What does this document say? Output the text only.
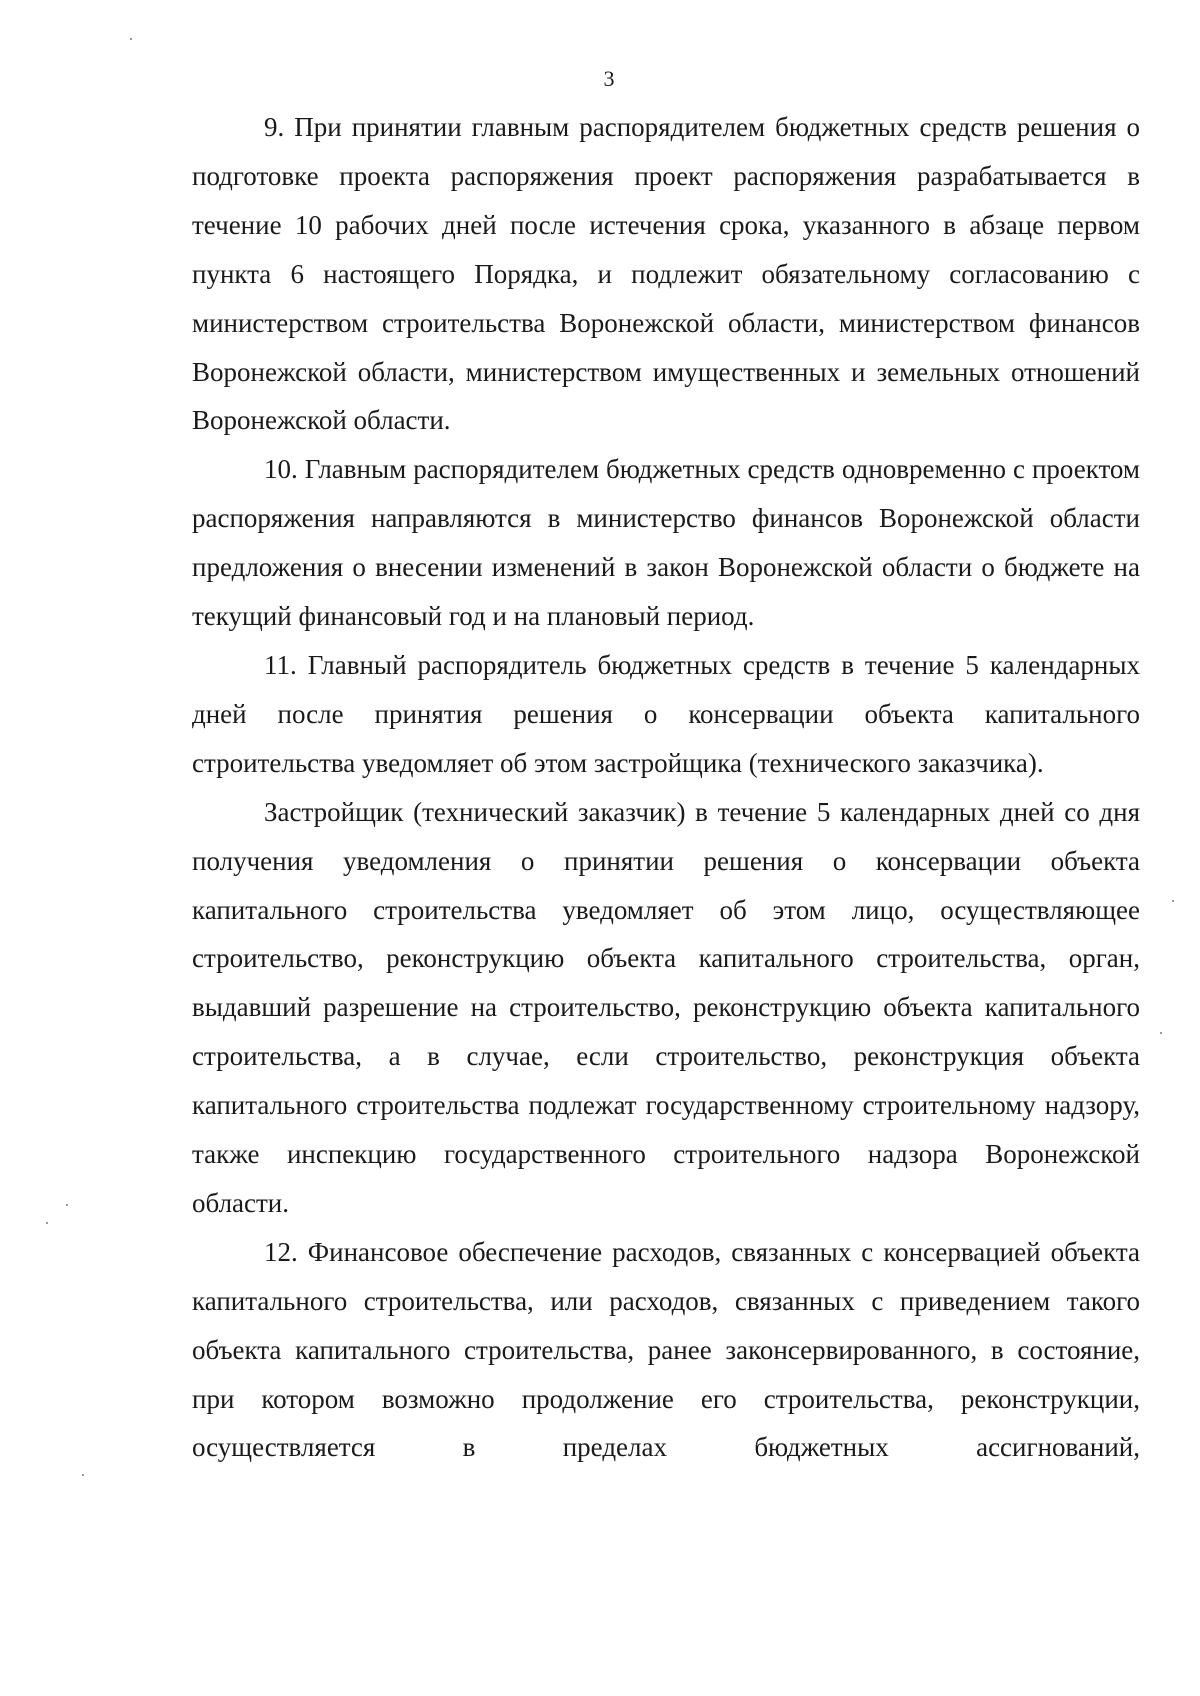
3

9. При принятии главным распорядителем бюджетных средств решения о подготовке проекта распоряжения проект распоряжения разрабатывается в течение 10 рабочих дней после истечения срока, указанного в абзаце первом пункта 6 настоящего Порядка, и подлежит обязательному согласованию с министерством строительства Воронежской области, министерством финансов Воронежской области, министерством имущественных и земельных отношений Воронежской области.

10. Главным распорядителем бюджетных средств одновременно с проектом распоряжения направляются в министерство финансов Воронежской области предложения о внесении изменений в закон Воронежской области о бюджете на текущий финансовый год и на плановый период.

11. Главный распорядитель бюджетных средств в течение 5 календарных дней после принятия решения о консервации объекта капитального строительства уведомляет об этом застройщика (технического заказчика).

Застройщик (технический заказчик) в течение 5 календарных дней со дня получения уведомления о принятии решения о консервации объекта капитального строительства уведомляет об этом лицо, осуществляющее строительство, реконструкцию объекта капитального строительства, орган, выдавший разрешение на строительство, реконструкцию объекта капитального строительства, а в случае, если строительство, реконструкция объекта капитального строительства подлежат государственному строительному надзору, также инспекцию государственного строительного надзора Воронежской области.

12. Финансовое обеспечение расходов, связанных с консервацией объекта капитального строительства, или расходов, связанных с приведением такого объекта капитального строительства, ранее законсервированного, в состояние, при котором возможно продолжение его строительства, реконструкции, осуществляется в пределах бюджетных ассигнований,
